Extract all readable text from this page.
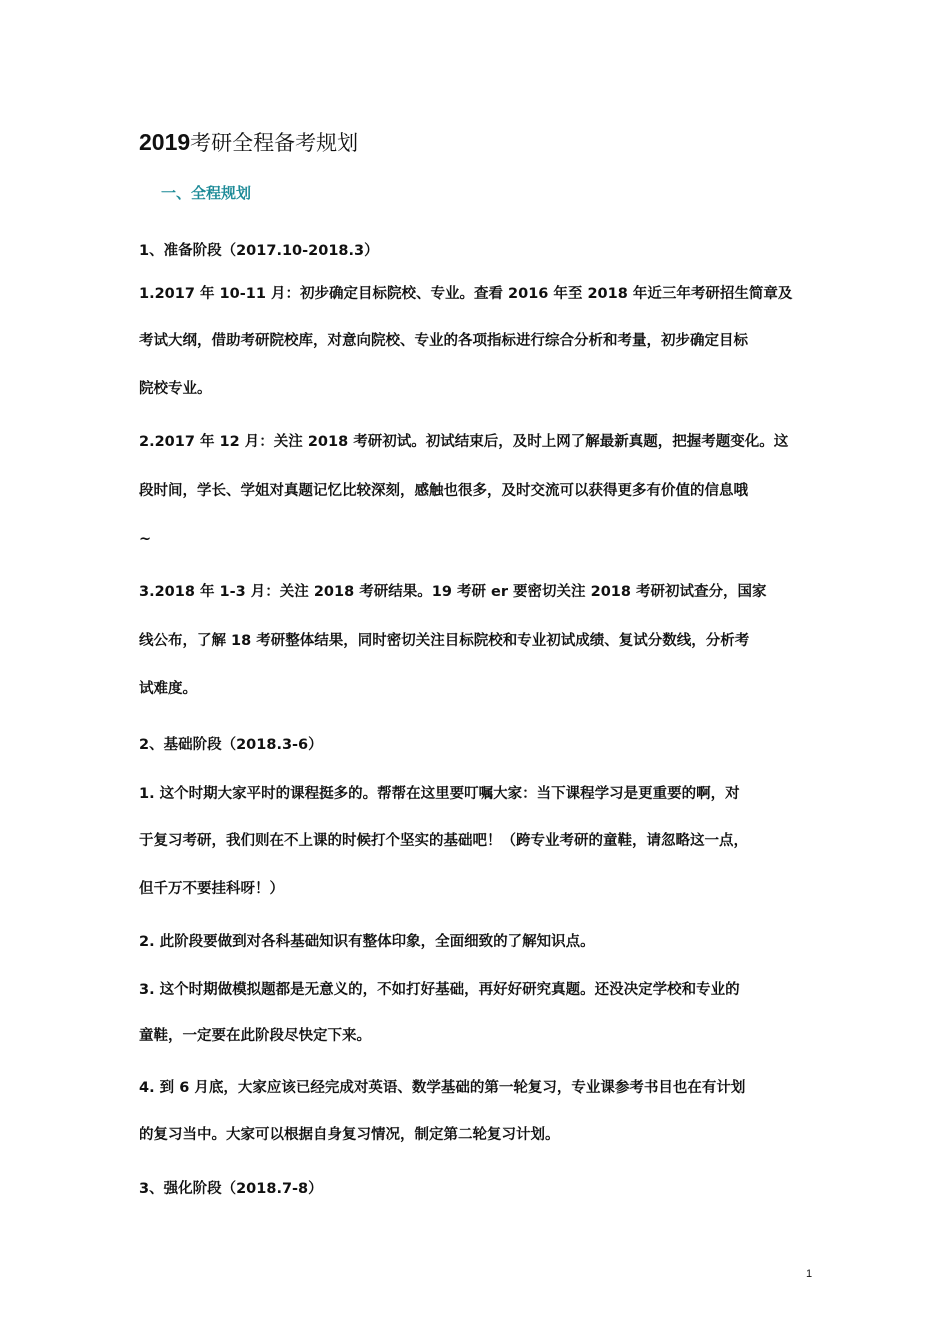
2019考研全程备考规划
一、全程规划
1、准备阶段（2017.10-2018.3）
1.2017 年 10-11 月：初步确定目标院校、专业。查看 2016 年至 2018 年近三年考研招生简章及
考试大纲，借助考研院校库，对意向院校、专业的各项指标进行综合分析和考量，初步确定目标
院校专业。
2.2017 年 12 月：关注 2018 考研初试。初试结束后，及时上网了解最新真题，把握考题变化。这
段时间，学长、学姐对真题记忆比较深刻，感触也很多，及时交流可以获得更多有价值的信息哦
~
3.2018 年 1-3 月：关注 2018 考研结果。19 考研 er 要密切关注 2018 考研初试查分，国家
线公布，了解 18 考研整体结果，同时密切关注目标院校和专业初试成绩、复试分数线，分析考
试难度。
2、基础阶段（2018.3-6）
1. 这个时期大家平时的课程挺多的。帮帮在这里要叮嘱大家：当下课程学习是更重要的啊，对
于复习考研，我们则在不上课的时候打个坚实的基础吧！（跨专业考研的童鞋，请忽略这一点，
但千万不要挂科呀！）
2. 此阶段要做到对各科基础知识有整体印象，全面细致的了解知识点。
3. 这个时期做模拟题都是无意义的，不如打好基础，再好好研究真题。还没决定学校和专业的
童鞋，一定要在此阶段尽快定下来。
4. 到 6 月底，大家应该已经完成对英语、数学基础的第一轮复习，专业课参考书目也在有计划
的复习当中。大家可以根据自身复习情况，制定第二轮复习计划。
3、强化阶段（2018.7-8）
1
